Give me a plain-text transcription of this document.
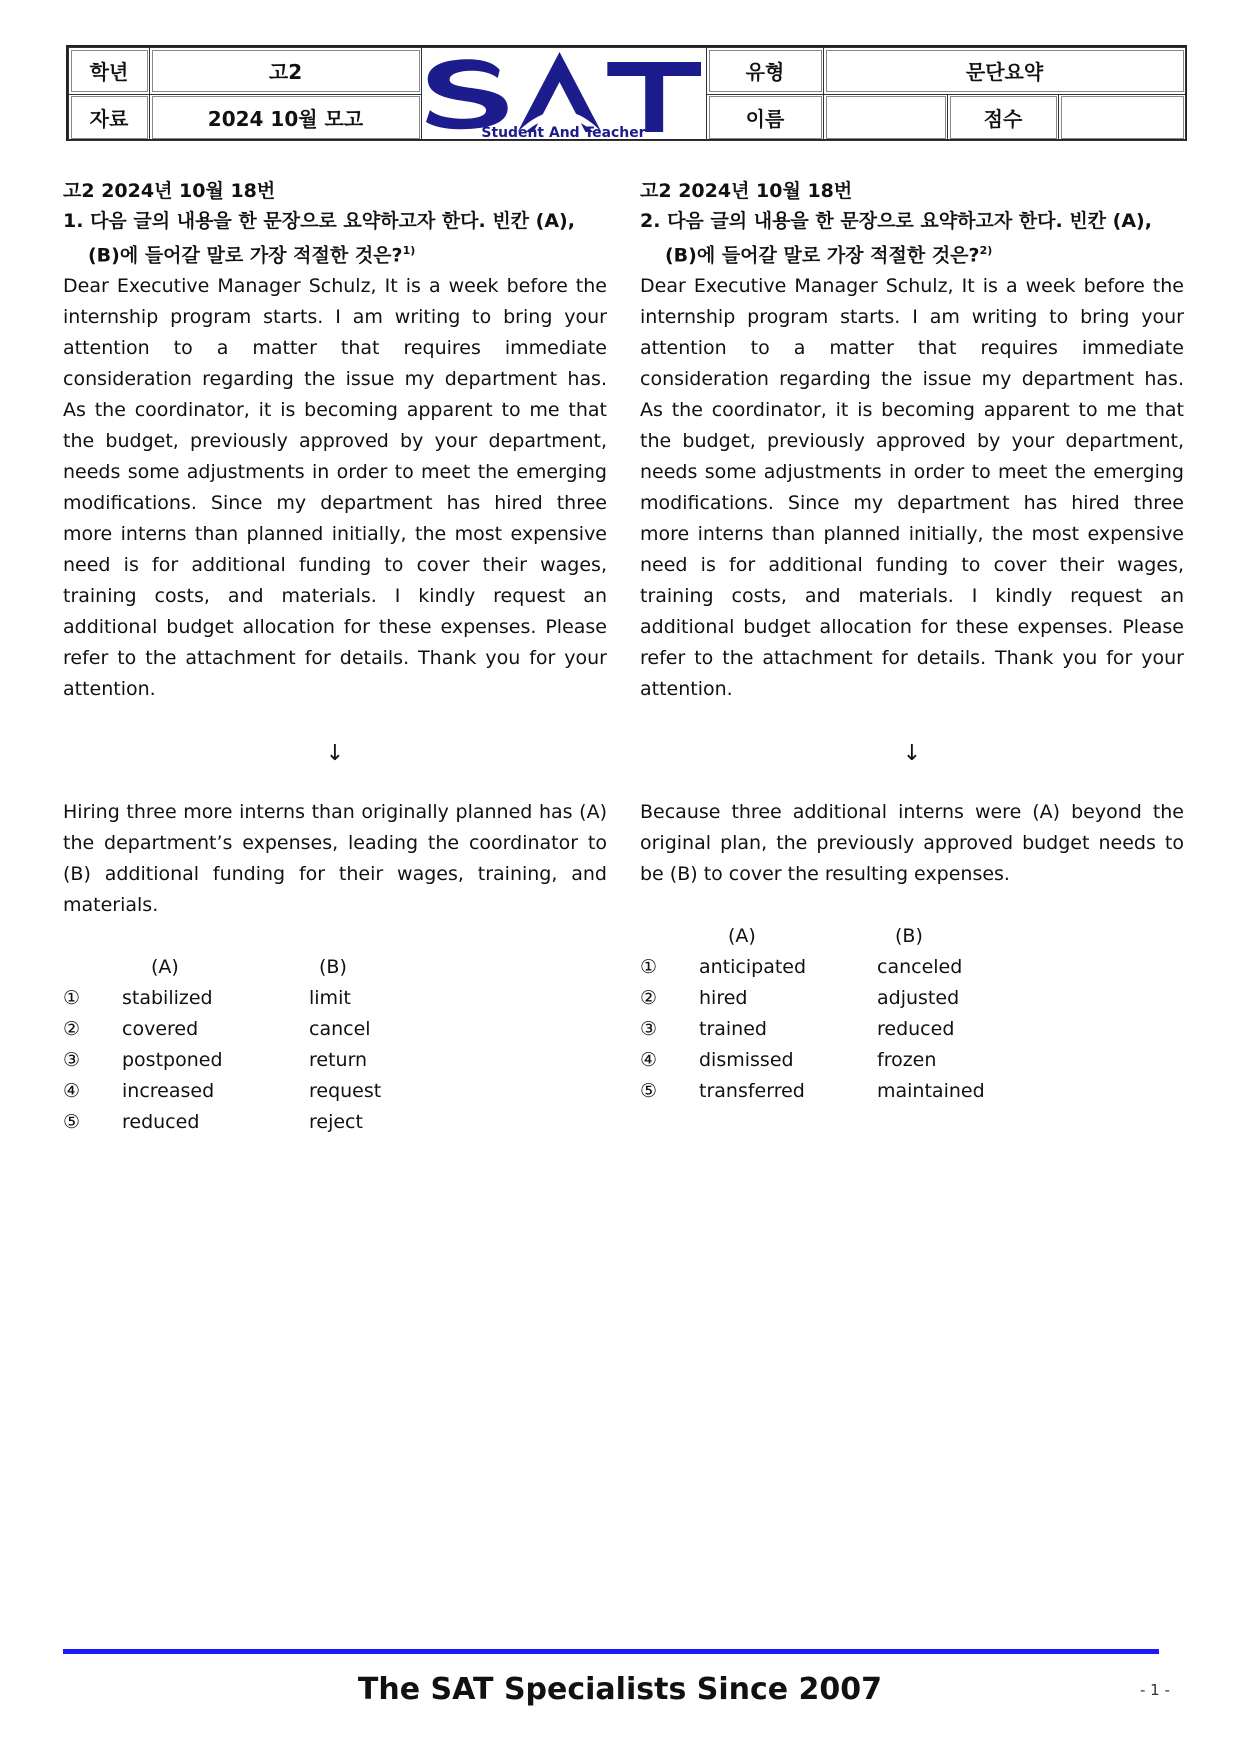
학년	고2	Student And Teacher	유형	문단요약		
자료	2024 10월 모고		이름		점수	
고2 2024년 10월 18번
1. 다음 글의 내용을 한 문장으로 요약하고자 한다. 빈칸 (A),
(B)에 들어갈 말로 가장 적절한 것은?$^{1)}$
Dear Executive Manager Schulz, It is a week before the internship program starts. I am writing to bring your attention to a matter that requires immediate consideration regarding the issue my department has. As the coordinator, it is becoming apparent to me that the budget, previously approved by your department, needs some adjustments in order to meet the emerging modifications. Since my department has hired three more interns than planned initially, the most expensive need is for additional funding to cover their wages, training costs, and materials. I kindly request an additional budget allocation for these expenses. Please refer to the attachment for details. Thank you for your attention.
↓
Hiring three more interns than originally planned has (A) the department’s expenses, leading the coordinator to (B) additional funding for their wages, training, and materials.
(A)	(B)
① stabilized	limit
② covered	cancel
③ postponed	return
④ increased	request
⑤ reduced	reject
고2 2024년 10월 18번
2. 다음 글의 내용을 한 문장으로 요약하고자 한다. 빈칸 (A),
(B)에 들어갈 말로 가장 적절한 것은?$^{2)}$
Dear Executive Manager Schulz, It is a week before the internship program starts. I am writing to bring your attention to a matter that requires immediate consideration regarding the issue my department has. As the coordinator, it is becoming apparent to me that the budget, previously approved by your department, needs some adjustments in order to meet the emerging modifications. Since my department has hired three more interns than planned initially, the most expensive need is for additional funding to cover their wages, training costs, and materials. I kindly request an additional budget allocation for these expenses. Please refer to the attachment for details. Thank you for your attention.
↓
Because three additional interns were (A) beyond the original plan, the previously approved budget needs to be (B) to cover the resulting expenses.
(A)	(B)
① anticipated	canceled
② hired	adjusted
③ trained	reduced
④ dismissed	frozen
⑤ transferred	maintained
The SAT Specialists Since 2007	- 1 -
